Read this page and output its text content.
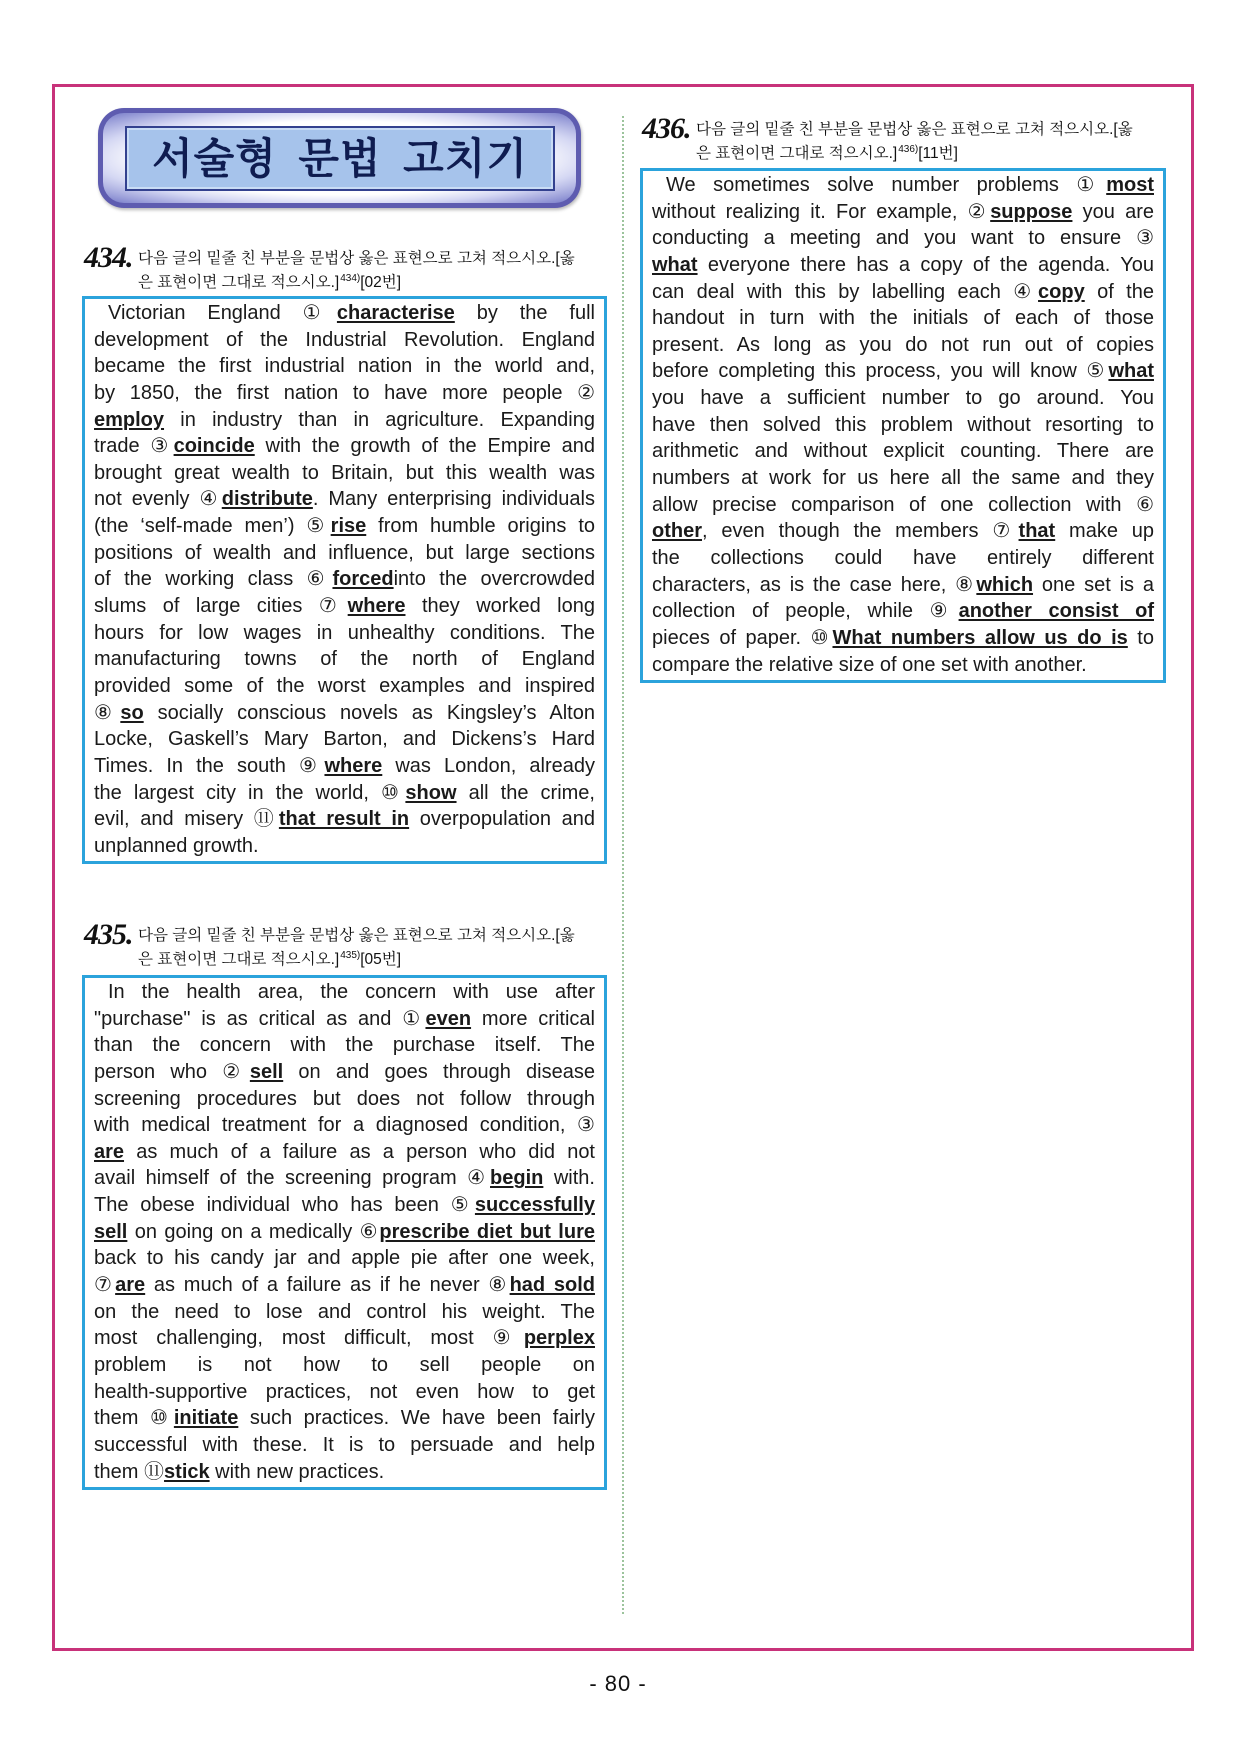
서술형 문법 고치기
434. 다음 글의 밑줄 친 부분을 문법상 옳은 표현으로 고쳐 적으시오.[옳
은 표현이면 그대로 적으시오.]$^{434)}$[02번]
Victorian England ①characterise by the full
development of the Industrial Revolution. England
became the first industrial nation in the world and,
by 1850, the first nation to have more people ②
employ in industry than in agriculture. Expanding
trade ③coincide with the growth of the Empire and
brought great wealth to Britain, but this wealth was
not evenly ④distribute. Many enterprising individuals
(the ‘self-made men’) ⑤rise from humble origins to
positions of wealth and influence, but large sections
of the working class ⑥forcedinto the overcrowded
slums of large cities ⑦where they worked long
hours for low wages in unhealthy conditions. The
manufacturing towns of the north of England
provided some of the worst examples and inspired
⑧so socially conscious novels as Kingsley’s Alton
Locke, Gaskell’s Mary Barton, and Dickens’s Hard
Times. In the south ⑨where was London, already
the largest city in the world, ⑩show all the crime,
evil, and misery ⑪that result in overpopulation and
unplanned growth.
435. 다음 글의 밑줄 친 부분을 문법상 옳은 표현으로 고쳐 적으시오.[옳
은 표현이면 그대로 적으시오.]$^{435)}$[05번]
In the health area, the concern with use after
"purchase" is as critical as and ①even more critical
than the concern with the purchase itself. The
person who ②sell on and goes through disease
screening procedures but does not follow through
with medical treatment for a diagnosed condition, ③
are as much of a failure as a person who did not
avail himself of the screening program ④begin with.
The obese individual who has been ⑤successfully
sell on going on a medically ⑥prescribe diet but lure
back to his candy jar and apple pie after one week,
⑦are as much of a failure as if he never ⑧had sold
on the need to lose and control his weight. The
most challenging, most difficult, most ⑨perplex
problem is not how to sell people on
health-supportive practices, not even how to get
them ⑩initiate such practices. We have been fairly
successful with these. It is to persuade and help
them ⑪stick with new practices.
436. 다음 글의 밑줄 친 부분을 문법상 옳은 표현으로 고쳐 적으시오.[옳
은 표현이면 그대로 적으시오.]$^{436)}$[11번]
We sometimes solve number problems ①most
without realizing it. For example, ②suppose you are
conducting a meeting and you want to ensure ③
what everyone there has a copy of the agenda. You
can deal with this by labelling each ④copy of the
handout in turn with the initials of each of those
present. As long as you do not run out of copies
before completing this process, you will know ⑤what
you have a sufficient number to go around. You
have then solved this problem without resorting to
arithmetic and without explicit counting. There are
numbers at work for us here all the same and they
allow precise comparison of one collection with ⑥
other, even though the members ⑦that make up
the collections could have entirely different
characters, as is the case here, ⑧which one set is a
collection of people, while ⑨another consist of
pieces of paper. ⑩What numbers allow us do is to
compare the relative size of one set with another.
- 80 -
